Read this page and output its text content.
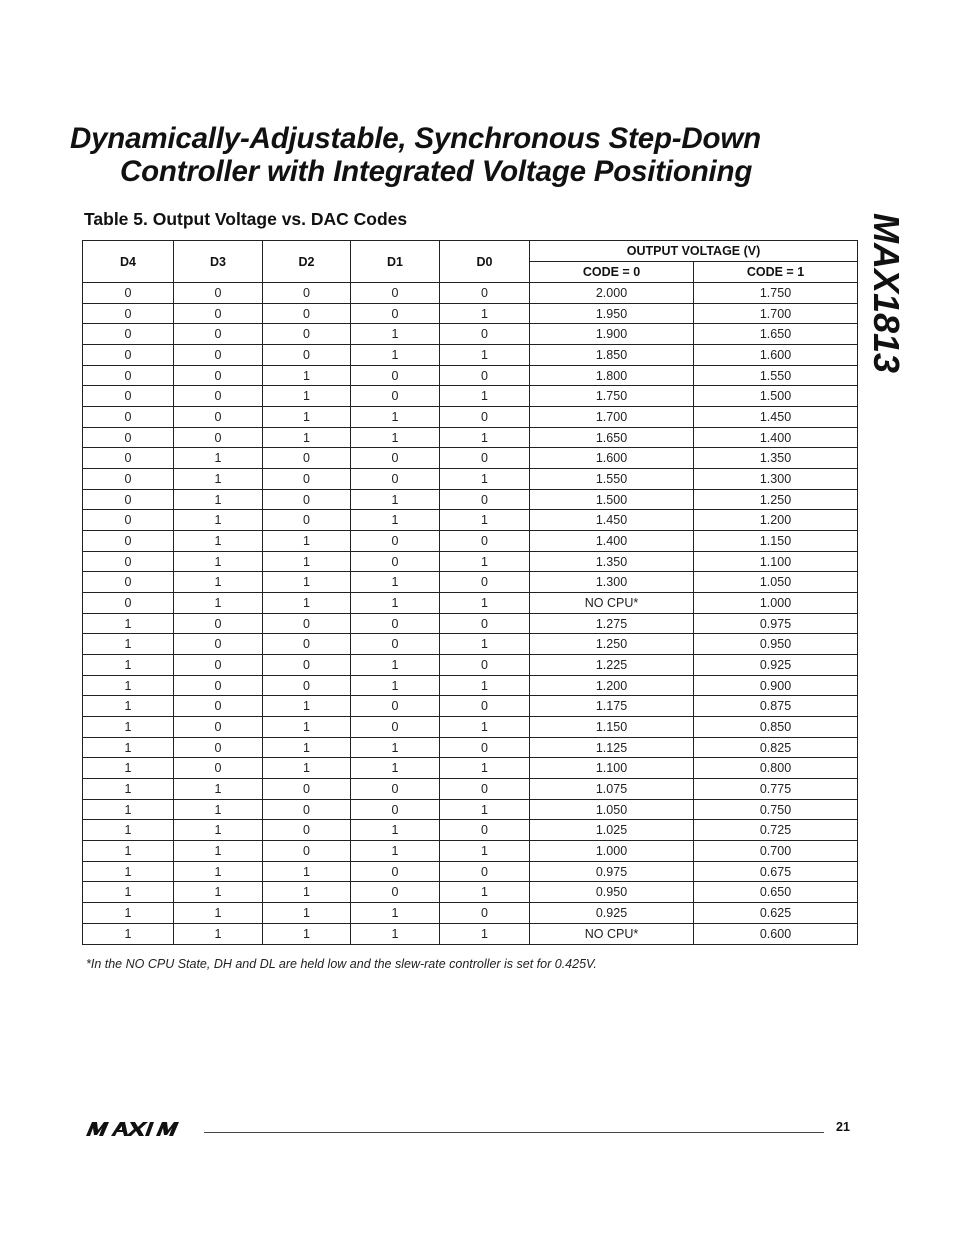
Dynamically-Adjustable, Synchronous Step-Down
Controller with Integrated Voltage Positioning
MAX1813
Table 5. Output Voltage vs. DAC Codes
D4	D3	D2	D1	D0	OUTPUT VOLTAGE (V)	
					CODE = 0	CODE = 1
0	0	0	0	0	2.000	1.750
0	0	0	0	1	1.950	1.700
0	0	0	1	0	1.900	1.650
0	0	0	1	1	1.850	1.600
0	0	1	0	0	1.800	1.550
0	0	1	0	1	1.750	1.500
0	0	1	1	0	1.700	1.450
0	0	1	1	1	1.650	1.400
0	1	0	0	0	1.600	1.350
0	1	0	0	1	1.550	1.300
0	1	0	1	0	1.500	1.250
0	1	0	1	1	1.450	1.200
0	1	1	0	0	1.400	1.150
0	1	1	0	1	1.350	1.100
0	1	1	1	0	1.300	1.050
0	1	1	1	1	NO CPU*	1.000
1	0	0	0	0	1.275	0.975
1	0	0	0	1	1.250	0.950
1	0	0	1	0	1.225	0.925
1	0	0	1	1	1.200	0.900
1	0	1	0	0	1.175	0.875
1	0	1	0	1	1.150	0.850
1	0	1	1	0	1.125	0.825
1	0	1	1	1	1.100	0.800
1	1	0	0	0	1.075	0.775
1	1	0	0	1	1.050	0.750
1	1	0	1	0	1.025	0.725
1	1	0	1	1	1.000	0.700
1	1	1	0	0	0.975	0.675
1	1	1	0	1	0.950	0.650
1	1	1	1	0	0.925	0.625
1	1	1	1	1	NO CPU*	0.600
*In the NO CPU State, DH and DL are held low and the slew-rate controller is set for 0.425V.
21
